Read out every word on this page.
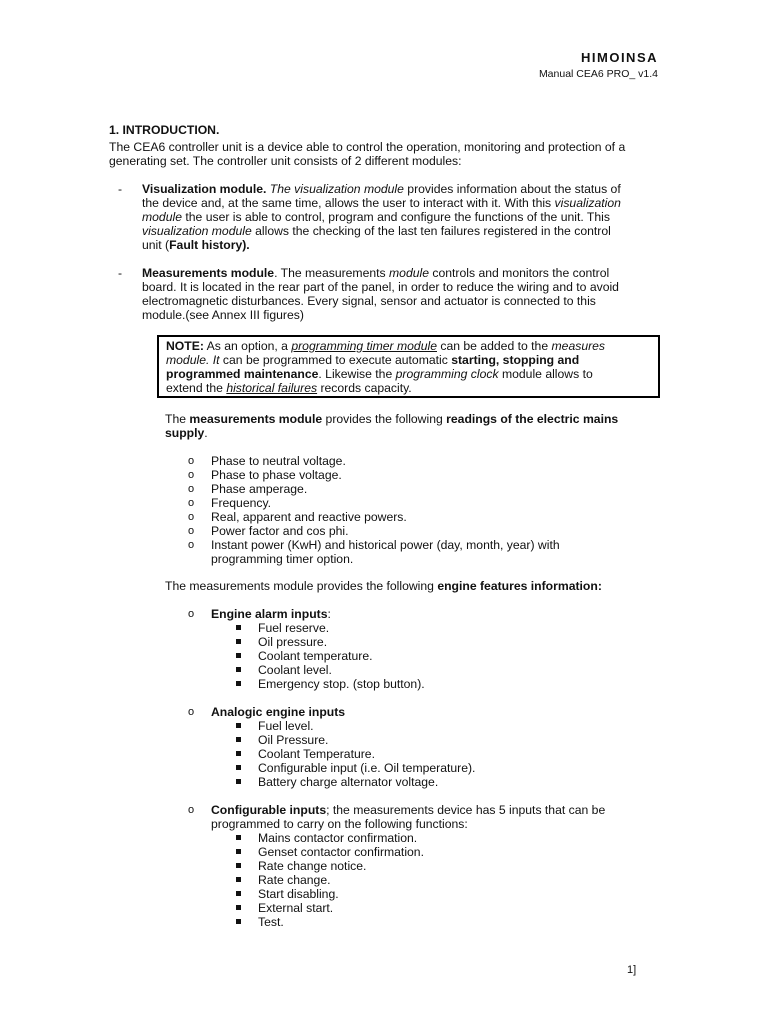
HIMOINSA
Manual CEA6 PRO_ v1.4
1. INTRODUCTION.
The CEA6 controller unit is a device able to control the operation, monitoring and protection of a
generating set. The controller unit consists of 2 different modules:
- Visualization module. The visualization module provides information about the status of
the device and, at the same time, allows the user to interact with it. With this visualization
module the user is able to control, program and configure the functions of the unit. This
visualization module allows the checking of the last ten failures registered in the control
unit (Fault history).
- Measurements module. The measurements module controls and monitors the control
board. It is located in the rear part of the panel, in order to reduce the wiring and to avoid
electromagnetic disturbances. Every signal, sensor and actuator is connected to this
module.(see Annex III figures)
NOTE: As an option, a programming timer module can be added to the measures
module. It can be programmed to execute automatic starting, stopping and
programmed maintenance. Likewise the programming clock module allows to
extend the historical failures records capacity.
The measurements module provides the following readings of the electric mains
supply.
o Phase to neutral voltage.
o Phase to phase voltage.
o Phase amperage.
o Frequency.
o Real, apparent and reactive powers.
o Power factor and cos phi.
o Instant power (KwH) and historical power (day, month, year) with
programming timer option.
The measurements module provides the following engine features information:
o Engine alarm inputs:
Fuel reserve.
Oil pressure.
Coolant temperature.
Coolant level.
Emergency stop. (stop button).
o Analogic engine inputs
Fuel level.
Oil Pressure.
Coolant Temperature.
Configurable input (i.e. Oil temperature).
Battery charge alternator voltage.
o Configurable inputs; the measurements device has 5 inputs that can be
programmed to carry on the following functions:
Mains contactor confirmation.
Genset contactor confirmation.
Rate change notice.
Rate change.
Start disabling.
External start.
Test.
1]
